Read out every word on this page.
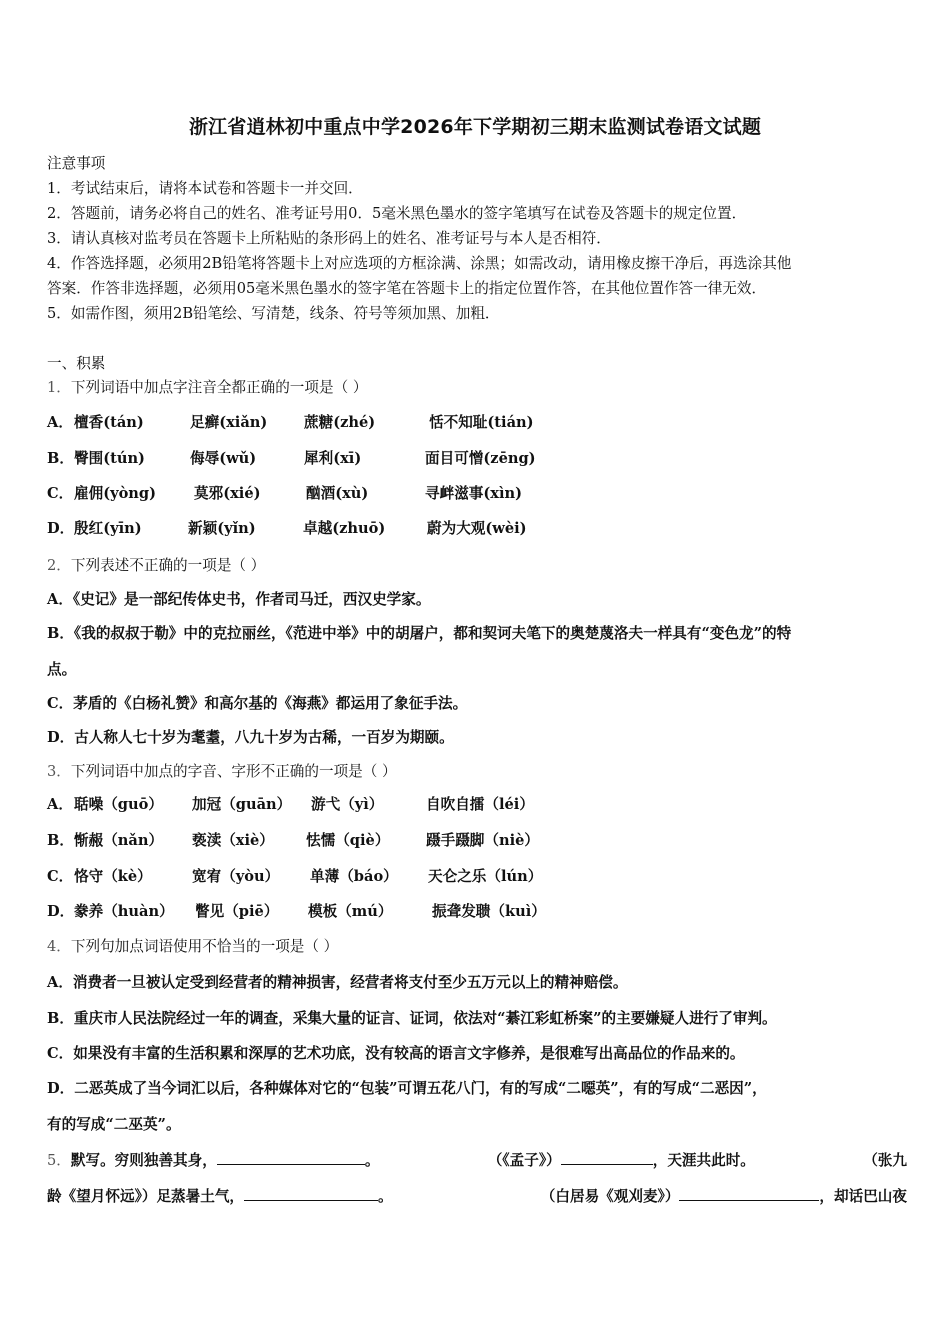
浙江省逍林初中重点中学2026年下学期初三期末监测试卷语文试题
注意事项
1．考试结束后，请将本试卷和答题卡一并交回．
2．答题前，请务必将自己的姓名、准考证号用0．5毫米黑色墨水的签字笔填写在试卷及答题卡的规定位置．
3．请认真核对监考员在答题卡上所粘贴的条形码上的姓名、准考证号与本人是否相符．
4．作答选择题，必须用2B铅笔将答题卡上对应选项的方框涂满、涂黑；如需改动，请用橡皮擦干净后，再选涂其他
答案．作答非选择题，必须用05毫米黑色墨水的签字笔在答题卡上的指定位置作答，在其他位置作答一律无效．
5．如需作图，须用2B铅笔绘、写清楚，线条、符号等须加黑、加粗．
一、积累
1．下列词语中加点字注音全都正确的一项是（ ）
A． 檀香(tán)	足癣(xiǎn)	蔗糖(zhé)	恬不知耻(tián)
B． 臀围(tún)	侮辱(wǔ)	犀利(xī)	面目可憎(zēng)
C． 雇佣(yòng)	莫邪(xié)	酗酒(xù)	寻衅滋事(xìn)
D． 殷红(yīn)	新颖(yǐn)	卓越(zhuō)	蔚为大观(wèi)
2．下列表述不正确的一项是（ ）
A．《史记》是一部纪传体史书，作者司马迁，西汉史学家。
B．《我的叔叔于勒》中的克拉丽丝，《范进中举》中的胡屠户，都和契诃夫笔下的奥楚蔑洛夫一样具有“变色龙”的特
点。
C．茅盾的《白杨礼赞》和高尔基的《海燕》都运用了象征手法。
D．古人称人七十岁为耄耋，八九十岁为古稀，一百岁为期颐。
3．下列词语中加点的字音、字形不正确的一项是（ ）
A． 聒噪（guō） 加冠（guān） 游弋（yì）	自吹自擂（léi）
B． 惭赧（nǎn） 亵渎（xiè） 怯懦（qiè）	蹑手蹑脚（niè）
C． 恪守（kè）	宽宥（yòu） 单薄（báo） 天仑之乐（lún）
D． 豢养（huàn） 瞥见（piē） 模板（mú）	振聋发聩（kuì）
4．下列句加点词语使用不恰当的一项是（ ）
A．消费者一旦被认定受到经营者的精神损害，经营者将支付至少五万元以上的精神赔偿。
B．重庆市人民法院经过一年的调查，采集大量的证言、证词，依法对“綦江彩虹桥案”的主要嫌疑人进行了审判。
C．如果没有丰富的生活积累和深厚的艺术功底，没有较高的语言文字修养，是很难写出高品位的作品来的。
D．二恶英成了当今词汇以后，各种媒体对它的“包装”可谓五花八门，有的写成“二噁英”，有的写成“二恶因”，
有的写成“二巫英”。
5．默写。穷则独善其身，	。	（《孟子》）	，天涯共此时。	（张九
龄《望月怀远》）足蒸暑土气，	。	（白居易《观刈麦》）	，却话巴山夜
